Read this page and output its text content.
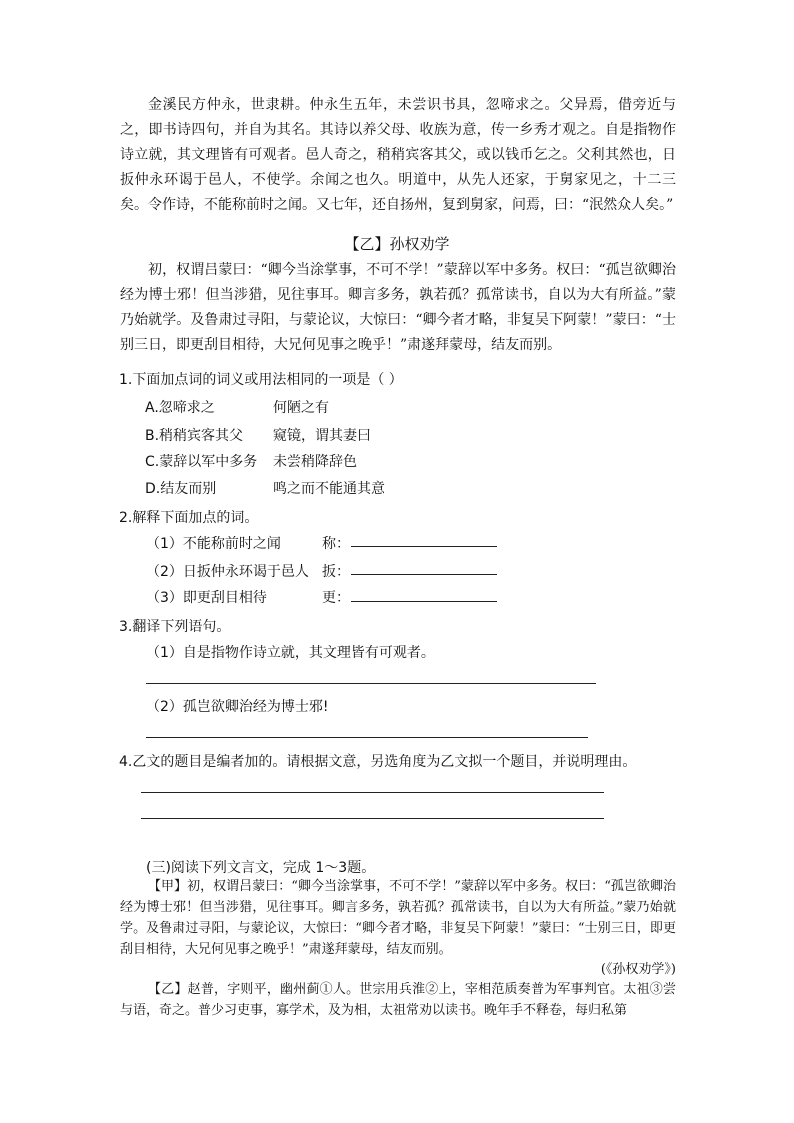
金溪民方仲永，世隶耕。仲永生五年，未尝识书具，忽啼求之。父异焉，借旁近与之，即书诗四句，并自为其名。其诗以养父母、收族为意，传一乡秀才观之。自是指物作诗立就，其文理皆有可观者。邑人奇之，稍稍宾客其父，或以钱币乞之。父利其然也，日扳仲永环谒于邑人，不使学。余闻之也久。明道中，从先人还家，于舅家见之，十二三矣。令作诗，不能称前时之闻。又七年，还自扬州，复到舅家，问焉，曰：“泯然众人矣。”
【乙】孙权劝学
初，权谓吕蒙曰：“卿今当涂掌事，不可不学！”蒙辞以军中多务。权曰：“孤岂欲卿治经为博士邪！但当涉猎，见往事耳。卿言多务，孰若孤？孤常读书，自以为大有所益。”蒙乃始就学。及鲁肃过寻阳，与蒙论议，大惊曰：“卿今者才略，非复吴下阿蒙！”蒙曰：“士别三日，即更刮目相待，大兄何见事之晚乎！”肃遂拜蒙母，结友而别。
1.下面加点词的词义或用法相同的一项是（ ）
A.忽啼求之	何陋之有
B.稍稍宾客其父 窥镜，谓其妻曰
C.蒙辞以军中多务 未尝稍降辞色
D.结友而别	鸣之而不能通其意
2.解释下面加点的词。
（1）不能称前时之闻	称：
（2）日扳仲永环谒于邑人 扳：
（3）即更刮目相待	更：
3.翻译下列语句。
（1）自是指物作诗立就，其文理皆有可观者。
（2）孤岂欲卿治经为博士邪!
4.乙文的题目是编者加的。请根据文意，另选角度为乙文拟一个题目，并说明理由。
(三)阅读下列文言文，完成 1～3题。
【甲】初，权谓吕蒙曰：“卿今当涂掌事，不可不学！”蒙辞以军中多务。权曰：“孤岂欲卿治经为博士邪！但当涉猎，见往事耳。卿言多务，孰若孤？孤常读书，自以为大有所益。”蒙乃始就学。及鲁肃过寻阳，与蒙论议，大惊曰：“卿今者才略，非复吴下阿蒙！”蒙曰：“士别三日，即更刮目相待，大兄何见事之晚乎！”肃遂拜蒙母，结友而别。
(《孙权劝学》)
【乙】赵普，字则平，幽州蓟①人。世宗用兵淮②上，宰相范质奏普为军事判官。太祖③尝与语，奇之。普少习吏事，寡学术，及为相，太祖常劝以读书。晚年手不释卷，每归私第
